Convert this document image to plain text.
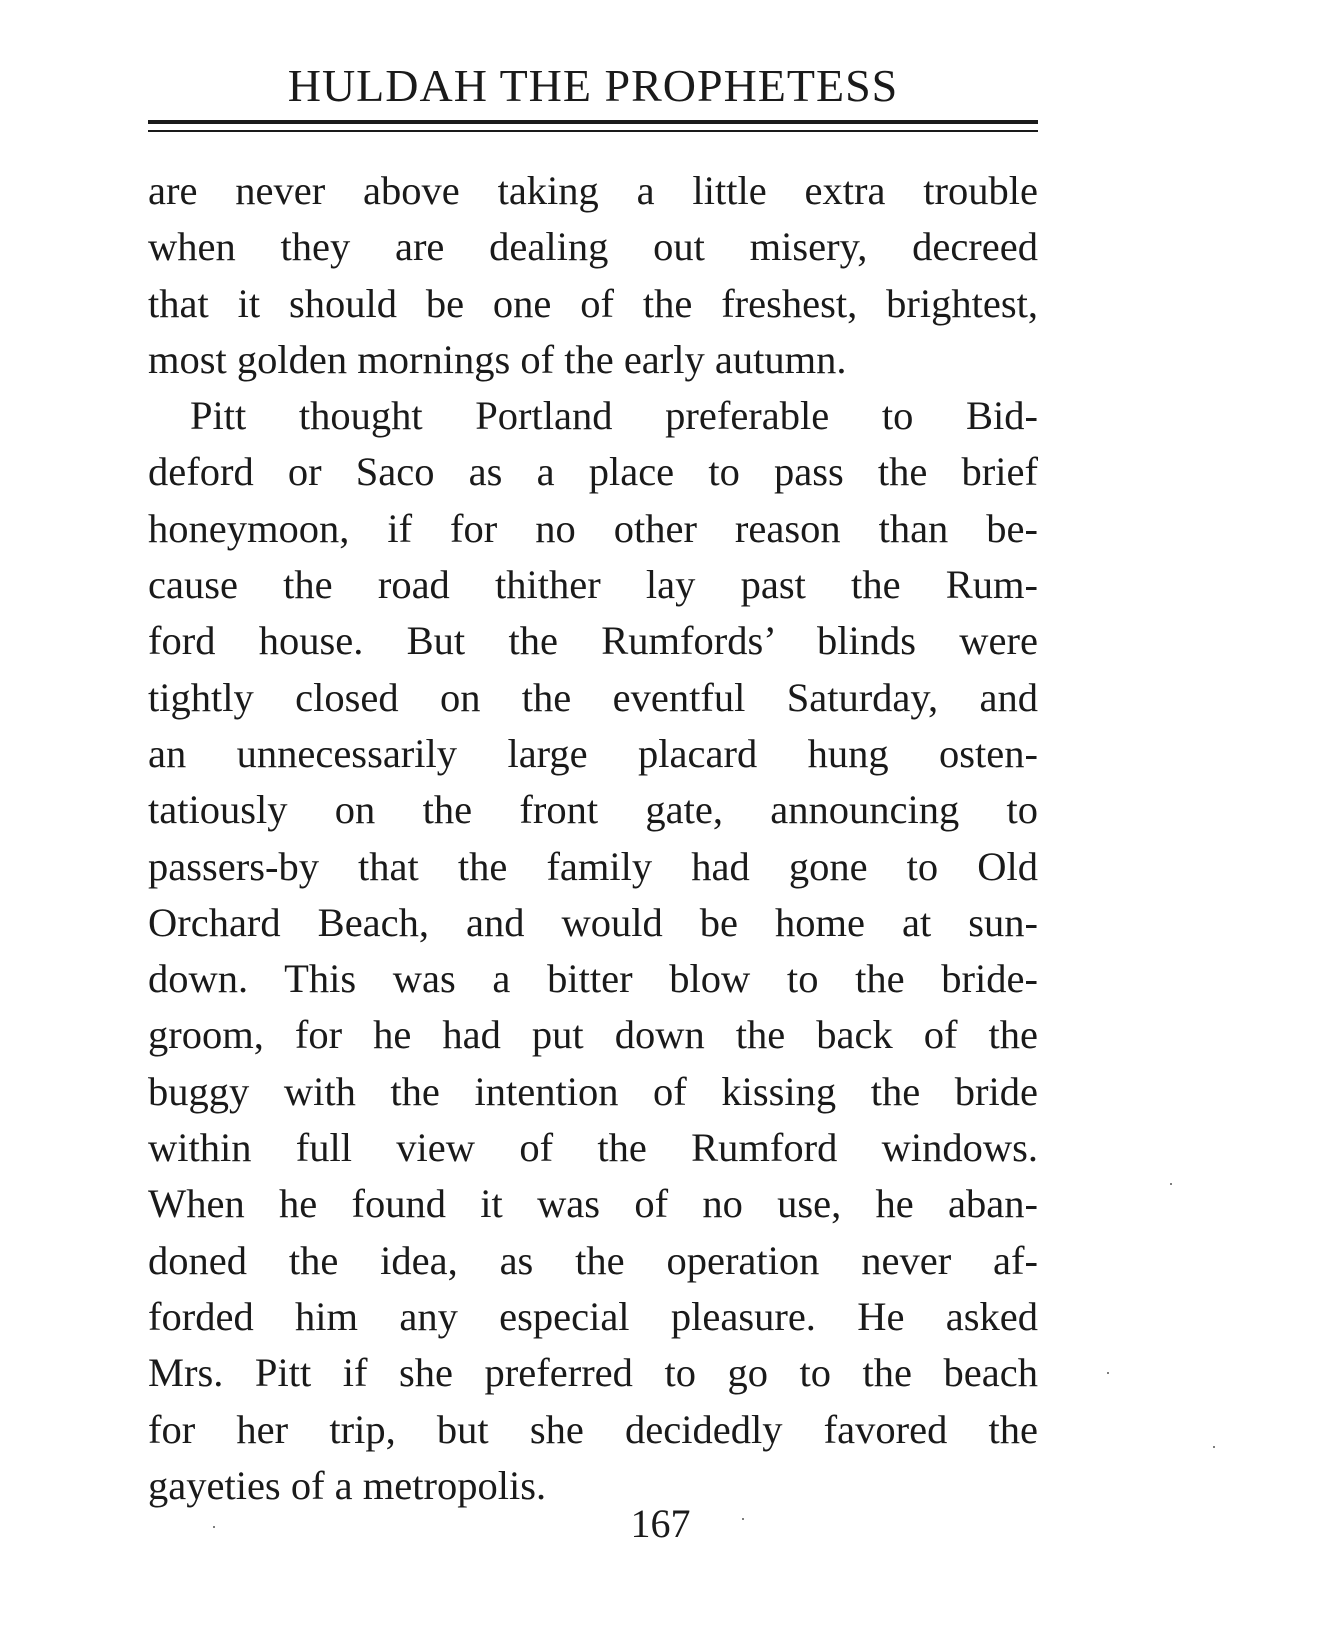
HULDAH THE PROPHETESS

are never above taking a little extra trouble
when they are dealing out misery, decreed
that it should be one of the freshest, brightest,
most golden mornings of the early autumn.

Pitt thought Portland preferable to Bid-
deford or Saco as a place to pass the brief
honeymoon, if for no other reason than be-
cause the road thither lay past the Rum-
ford house. But the Rumfords’ blinds were
tightly closed on the eventful Saturday, and
an unnecessarily large placard hung osten-
tatiously on the front gate, announcing to
passers-by that the family had gone to Old
Orchard Beach, and would be home at sun-
down. This was a bitter blow to the bride-
groom, for he had put down the back of the
buggy with the intention of kissing the bride
within full view of the Rumford windows.
When he found it was of no use, he aban-
doned the idea, as the operation never af-
forded him any especial pleasure. He asked
Mrs. Pitt if she preferred to go to the beach
for her trip, but she decidedly favored the
gayeties of a metropolis.

167
